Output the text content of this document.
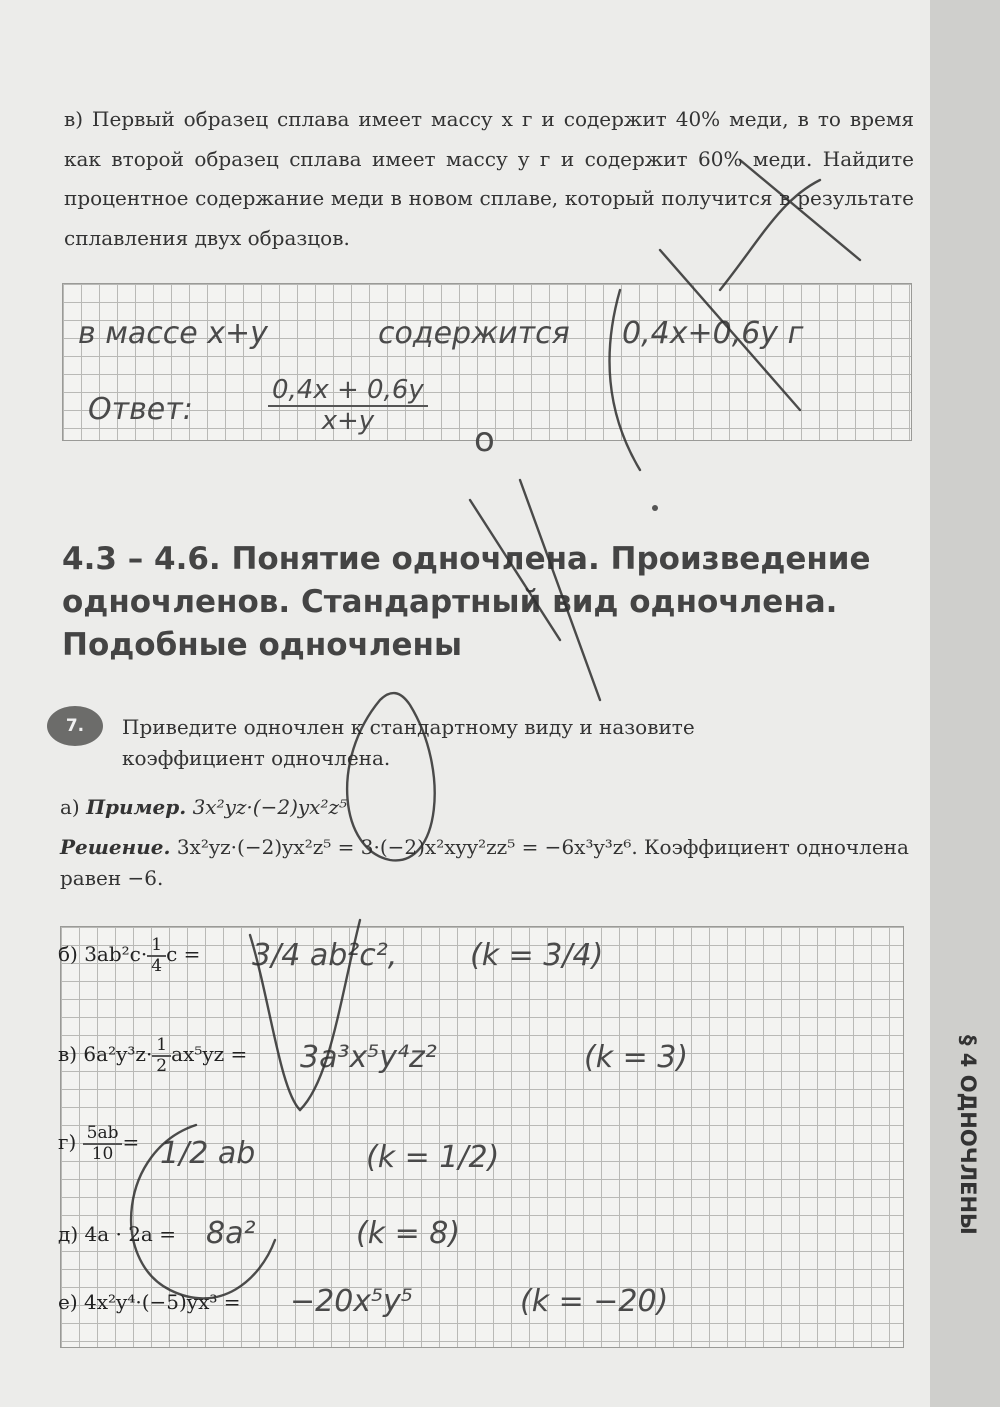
в) Первый образец сплава имеет массу x г и содержит 40% меди, в то время как второй образец сплава имеет массу y г и содержит 60% меди. Найдите процентное содержание меди в новом сплаве, который получится в результате сплавления двух образцов.
в массе x+y	содержится 0,4x+0,6y г
Ответ:	$\frac{0,4x + 0,6y}{x+y}$
o
4.3 – 4.6. Понятие одночлена. Произведение одночленов. Стандартный вид одночлена. Подобные одночлены
7.	Приведите одночлен к стандартному виду и назовите коэффициент одночлена.
а) Пример. 3x²yz·(−2)yx²z⁵
Решение. 3x²yz·(−2)yx²z⁵ = 3·(−2)x²xyy²zz⁵ = −6x³y³z⁶. Коэффициент одночлена равен −6.
б) $3ab^2c\cdot \frac{1}{4}$ c = 3/4 ab²c², (k = 3/4)
в) $6a^2y^3z\cdot \frac{1}{2} ax^5yz = 3a^3x^5y^4z^2$	(k = 3)
$г) \frac{5ab}{10} = 1/2$ ab	(k = 1/2)
д) 4a · 2a = 8a²	(k = 8)
е) 4x²y⁴·(−5)yx³ = −20x⁵y⁵	(k = −20)
